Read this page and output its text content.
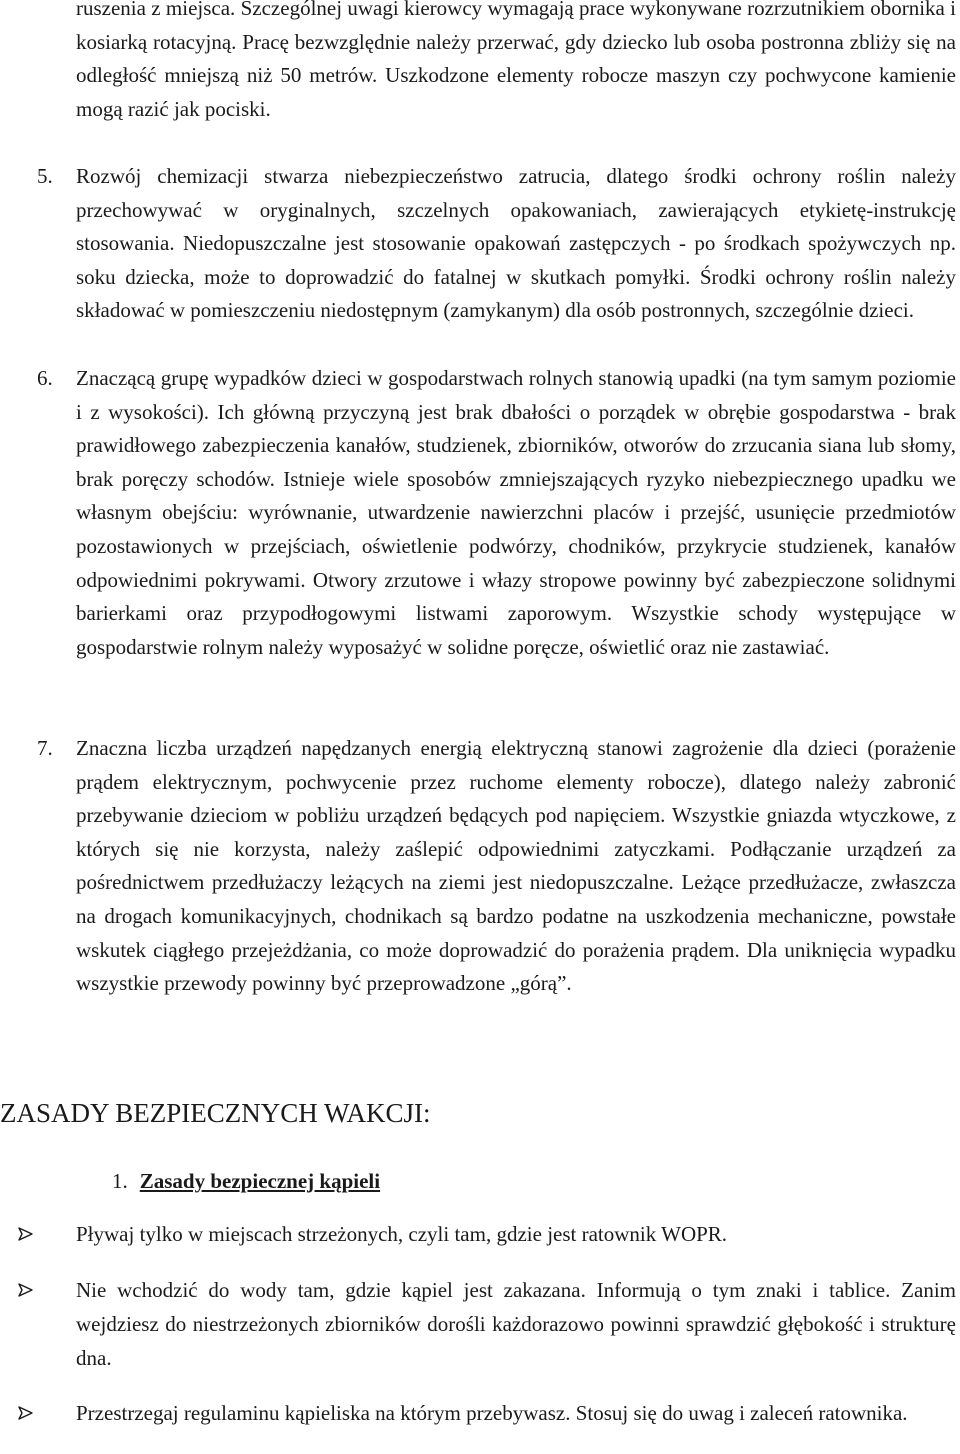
ruszenia z miejsca. Szczególnej uwagi kierowcy wymagają prace wykonywane rozrzutnikiem obornika i kosiarką rotacyjną. Pracę bezwzględnie należy przerwać, gdy dziecko lub osoba postronna zbliży się na odległość mniejszą niż 50 metrów. Uszkodzone elementy robocze maszyn czy pochwycone kamienie mogą razić jak pociski.

5. Rozwój chemizacji stwarza niebezpieczeństwo zatrucia, dlatego środki ochrony roślin należy przechowywać w oryginalnych, szczelnych opakowaniach, zawierających etykietę-instrukcję stosowania. Niedopuszczalne jest stosowanie opakowań zastępczych - po środkach spożywczych np. soku dziecka, może to doprowadzić do fatalnej w skutkach pomyłki. Środki ochrony roślin należy składować w pomieszczeniu niedostępnym (zamykanym) dla osób postronnych, szczególnie dzieci.

6. Znaczącą grupę wypadków dzieci w gospodarstwach rolnych stanowią upadki (na tym samym poziomie i z wysokości). Ich główną przyczyną jest brak dbałości o porządek w obrębie gospodarstwa - brak prawidłowego zabezpieczenia kanałów, studzienek, zbiorników, otworów do zrzucania siana lub słomy, brak poręczy schodów. Istnieje wiele sposobów zmniejszających ryzyko niebezpiecznego upadku we własnym obejściu: wyrównanie, utwardzenie nawierzchni placów i przejść, usunięcie przedmiotów pozostawionych w przejściach, oświetlenie podwórzy, chodników, przykrycie studzienek, kanałów odpowiednimi pokrywami. Otwory zrzutowe i włazy stropowe powinny być zabezpieczone solidnymi barierkami oraz przypodłogowymi listwami zaporowym. Wszystkie schody występujące w gospodarstwie rolnym należy wyposażyć w solidne poręcze, oświetlić oraz nie zastawiać.

7. Znaczna liczba urządzeń napędzanych energią elektryczną stanowi zagrożenie dla dzieci (porażenie prądem elektrycznym, pochwycenie przez ruchome elementy robocze), dlatego należy zabronić przebywanie dzieciom w pobliżu urządzeń będących pod napięciem. Wszystkie gniazda wtyczkowe, z których się nie korzysta, należy zaślepić odpowiednimi zatyczkami. Podłączanie urządzeń za pośrednictwem przedłużaczy leżących na ziemi jest niedopuszczalne. Leżące przedłużacze, zwłaszcza na drogach komunikacyjnych, chodnikach są bardzo podatne na uszkodzenia mechaniczne, powstałe wskutek ciągłego przejeżdżania, co może doprowadzić do porażenia prądem. Dla uniknięcia wypadku wszystkie przewody powinny być przeprowadzone „górą”.

ZASADY BEZPIECZNYCH WAKCJI:
1. Zasady bezpiecznej kąpieli

Pływaj tylko w miejscach strzeżonych, czyli tam, gdzie jest ratownik WOPR.

Nie wchodzić do wody tam, gdzie kąpiel jest zakazana. Informują o tym znaki i tablice. Zanim wejdziesz do niestrzeżonych zbiorników dorośli każdorazowo powinni sprawdzić głębokość i strukturę dna.

Przestrzegaj regulaminu kąpieliska na którym przebywasz. Stosuj się do uwag i zaleceń ratownika.
